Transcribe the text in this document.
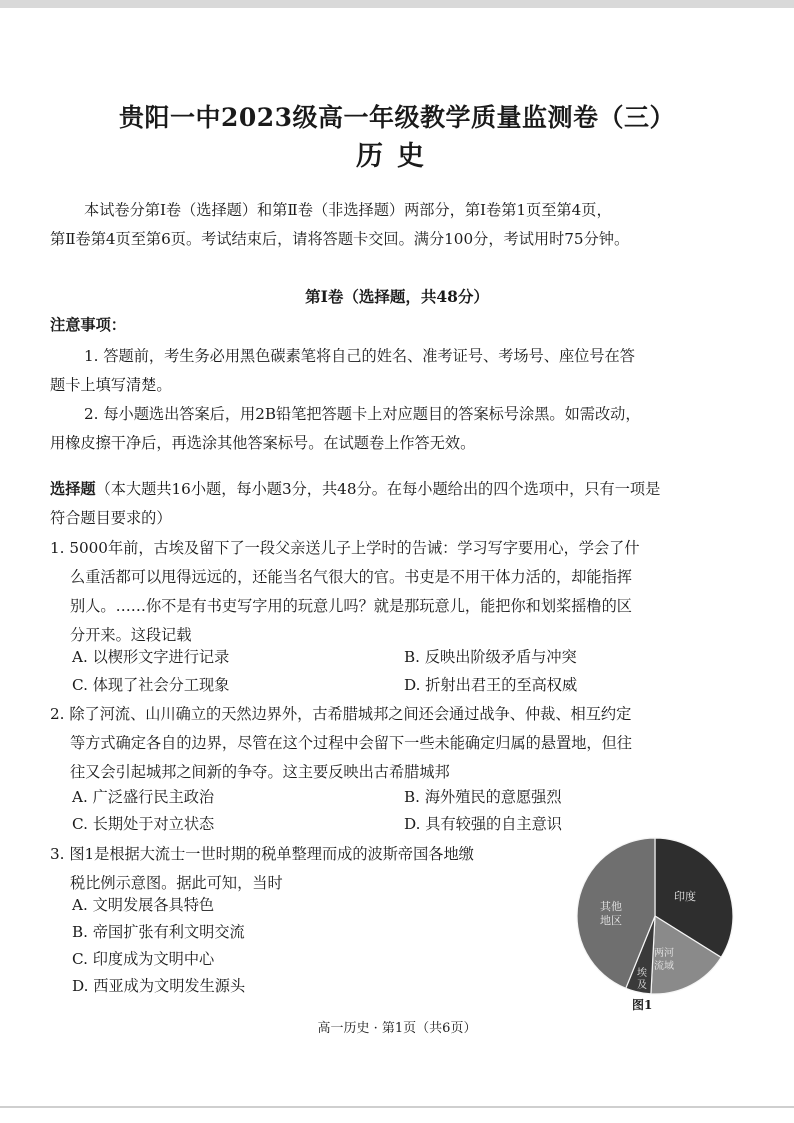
贵阳一中2023级高一年级教学质量监测卷（三）
历史
本试卷分第Ⅰ卷（选择题）和第Ⅱ卷（非选择题）两部分，第Ⅰ卷第1页至第4页，
第Ⅱ卷第4页至第6页。考试结束后，请将答题卡交回。满分100分，考试用时75分钟。
第Ⅰ卷（选择题，共48分）
注意事项：
1. 答题前，考生务必用黑色碳素笔将自己的姓名、准考证号、考场号、座位号在答
题卡上填写清楚。
2. 每小题选出答案后，用2B铅笔把答题卡上对应题目的答案标号涂黑。如需改动，
用橡皮擦干净后，再选涂其他答案标号。在试题卷上作答无效。
选择题（本大题共16小题，每小题3分，共48分。在每小题给出的四个选项中，只有一项是
符合题目要求的）
1. 5000年前，古埃及留下了一段父亲送儿子上学时的告诫：学习写字要用心，学会了什
么重活都可以甩得远远的，还能当名气很大的官。书吏是不用干体力活的，却能指挥
别人。……你不是有书吏写字用的玩意儿吗？就是那玩意儿，能把你和划桨摇橹的区
分开来。这段记载
A. 以楔形文字进行记录	B. 反映出阶级矛盾与冲突
C. 体现了社会分工现象	D. 折射出君王的至高权威
2. 除了河流、山川确立的天然边界外，古希腊城邦之间还会通过战争、仲裁、相互约定
等方式确定各自的边界，尽管在这个过程中会留下一些未能确定归属的悬置地，但往
往又会引起城邦之间新的争夺。这主要反映出古希腊城邦
A. 广泛盛行民主政治	B. 海外殖民的意愿强烈
C. 长期处于对立状态	D. 具有较强的自主意识
3. 图1是根据大流士一世时期的税单整理而成的波斯帝国各地缴
税比例示意图。据此可知，当时
A. 文明发展各具特色
B. 帝国扩张有利文明交流
C. 印度成为文明中心
D. 西亚成为文明发生源头
印度
两河
流域
埃
及
其他
地区
图1
高一历史 · 第1页（共6页）
